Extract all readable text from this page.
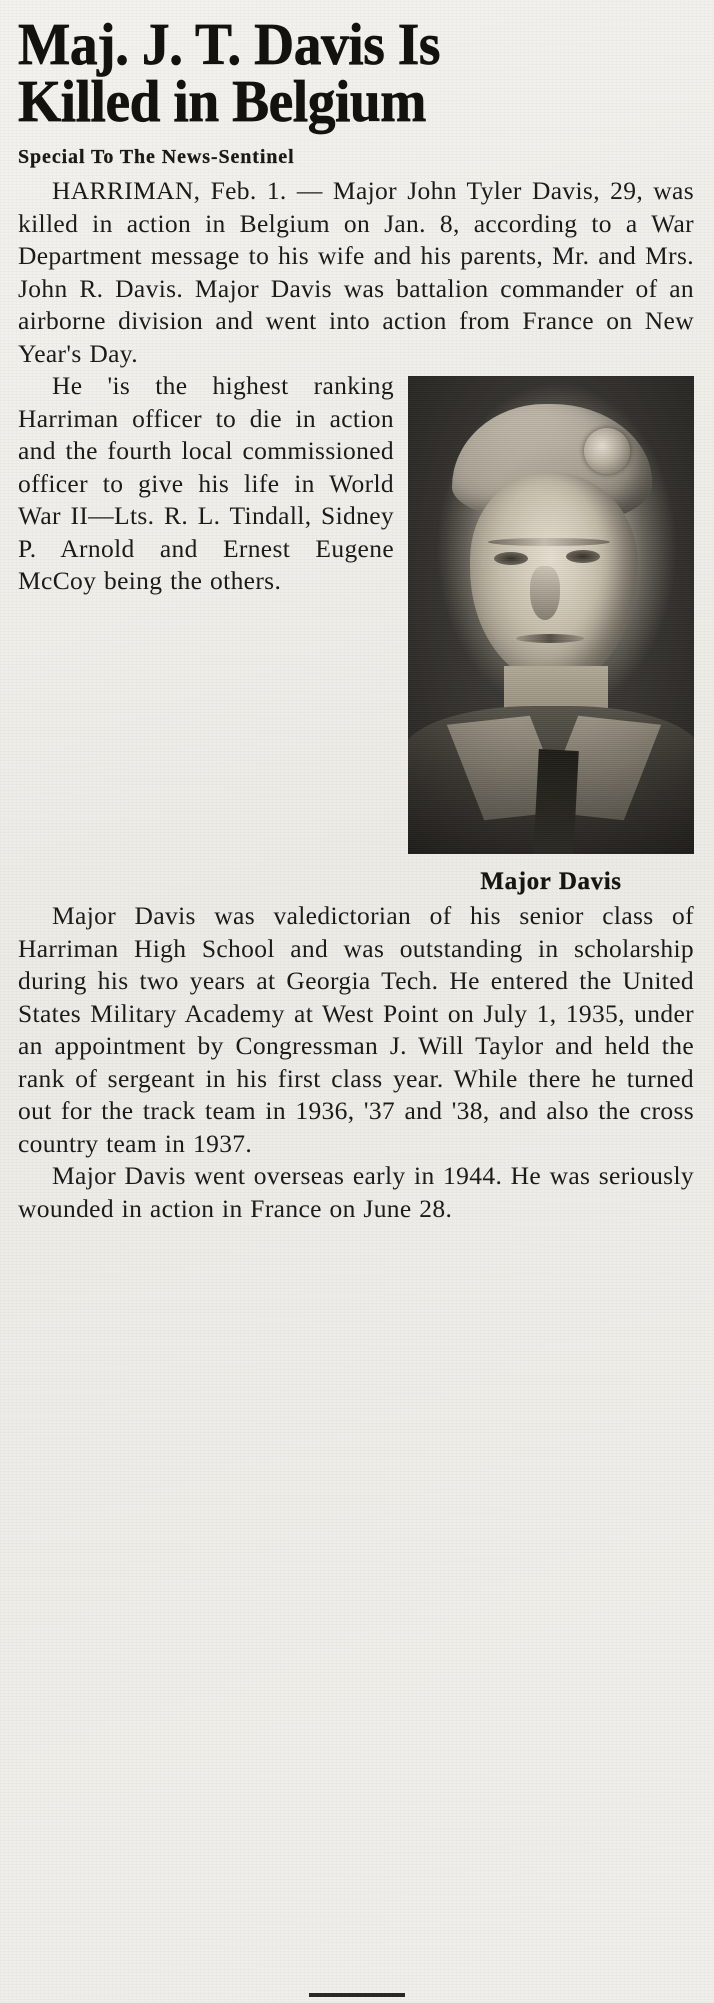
Maj. J. T. Davis Is
Killed in Belgium
Special To The News-Sentinel

HARRIMAN, Feb. 1. — Major John Tyler Davis, 29, was killed in action in Belgium on Jan. 8, according to a War Department message to his wife and his parents, Mr. and Mrs. John R. Davis. Major Davis was battalion commander of an airborne division and went into action from France on New Year's Day.

Major Davis

He 'is the highest ranking Harriman officer to die in action and the fourth local commissioned officer to give his life in World War II—Lts. R. L. Tindall, Sidney P. Arnold and Ernest Eugene McCoy being the others.

Major Davis was valedictorian of his senior class of Harriman High School and was outstanding in scholarship during his two years at Georgia Tech. He entered the United States Military Academy at West Point on July 1, 1935, under an appointment by Congressman J. Will Taylor and held the rank of sergeant in his first class year. While there he turned out for the track team in 1936, '37 and '38, and also the cross country team in 1937.

Major Davis went overseas early in 1944. He was seriously wounded in action in France on June 28.
